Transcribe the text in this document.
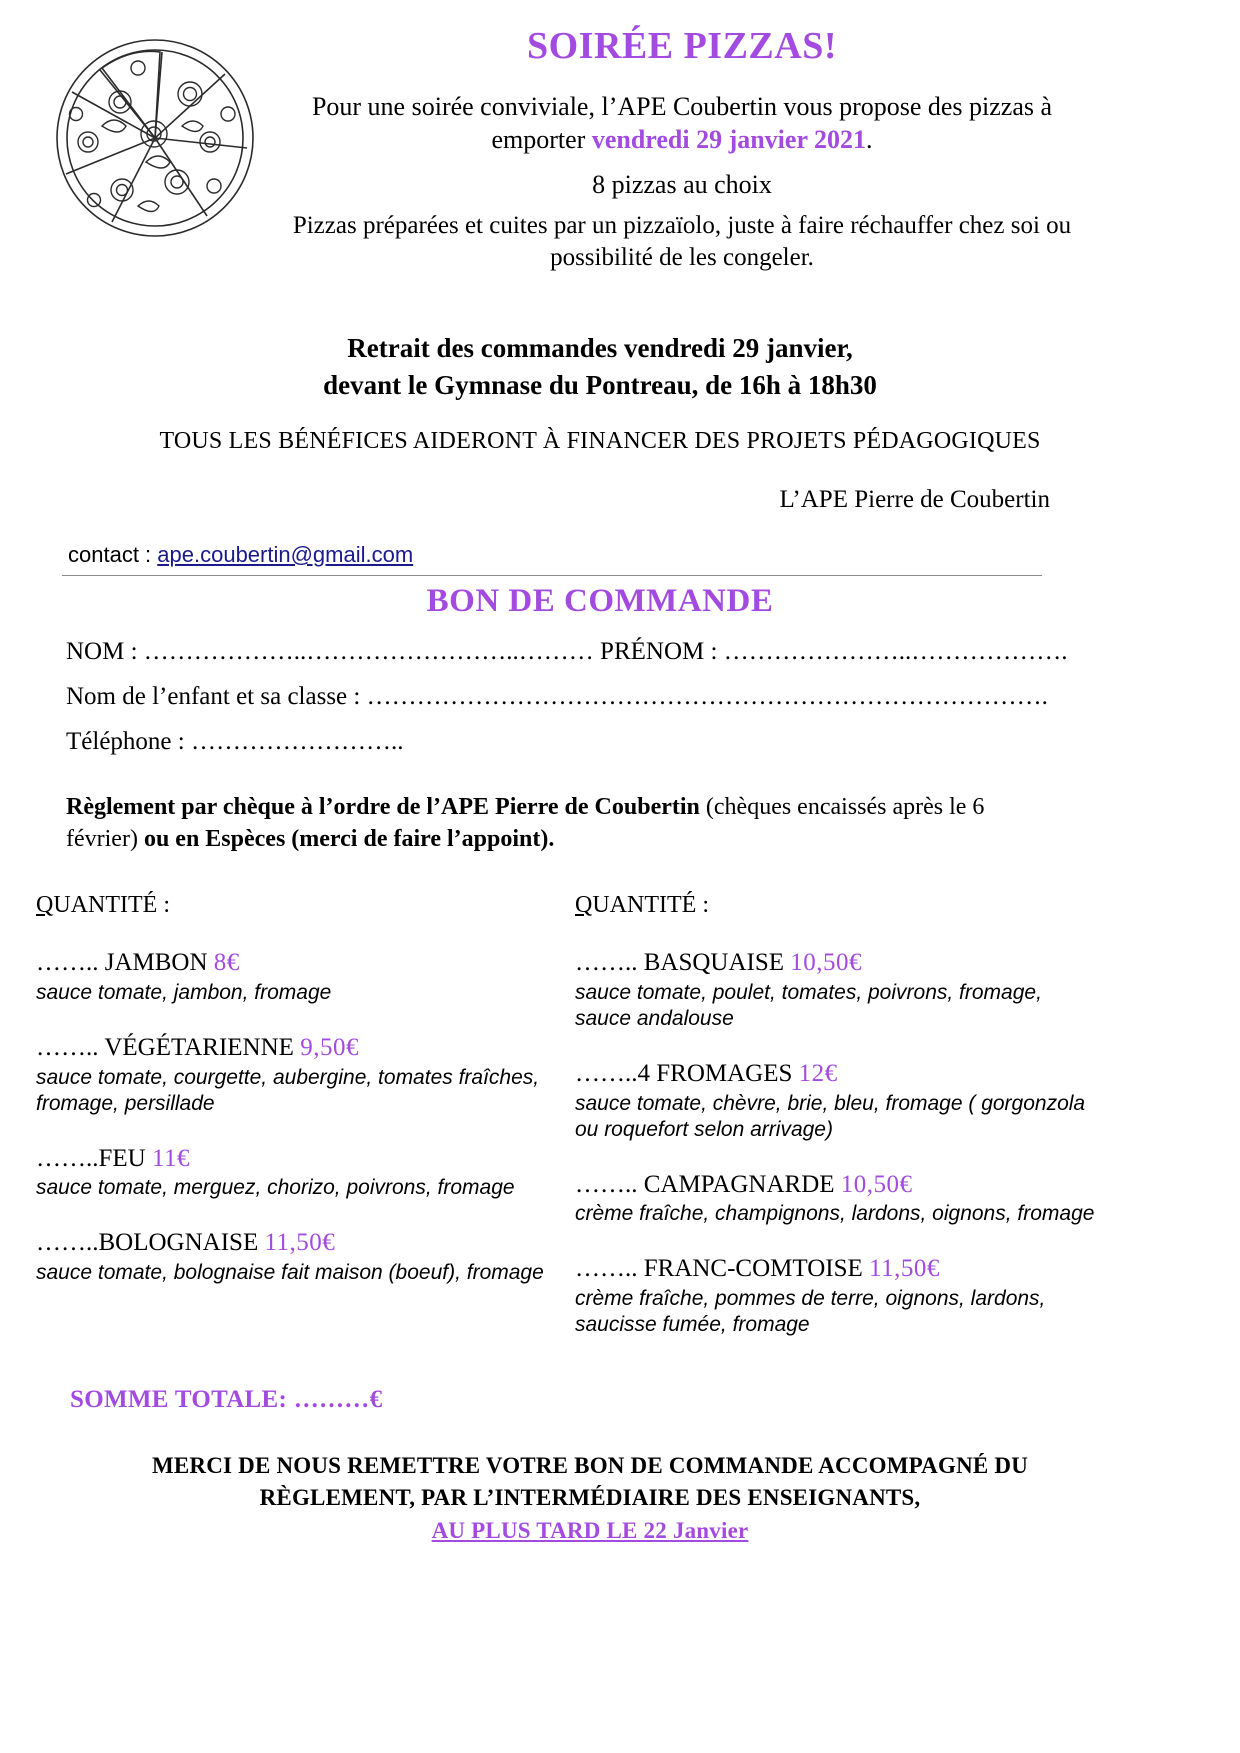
SOIRÉE PIZZAS!

Pour une soirée conviviale, l’APE Coubertin vous propose des pizzas à emporter vendredi 29 janvier 2021.

8 pizzas au choix

Pizzas préparées et cuites par un pizzaïolo, juste à faire réchauffer chez soi ou possibilité de les congeler.

Retrait des commandes vendredi 29 janvier,
devant le Gymnase du Pontreau, de 16h à 18h30
TOUS LES BÉNÉFICES AIDERONT À FINANCER DES PROJETS PÉDAGOGIQUES
L’APE Pierre de Coubertin
contact : ape.coubertin@gmail.com
BON DE COMMANDE
NOM : ………………..……………………..……… PRÉNOM : …………………..……………….
Nom de l’enfant et sa classe : ……………………………………………………………………….
Téléphone : ……………………..
Règlement par chèque à l’ordre de l’APE Pierre de Coubertin (chèques encaissés après le 6 février) ou en Espèces (merci de faire l’appoint).
QUANTITÉ :
…….. JAMBON 8€
sauce tomate, jambon, fromage
…….. VÉGÉTARIENNE 9,50€
sauce tomate, courgette, aubergine, tomates fraîches, fromage, persillade
……..FEU 11€
sauce tomate, merguez, chorizo, poivrons, fromage
……..BOLOGNAISE 11,50€
sauce tomate, bolognaise fait maison (boeuf), fromage
QUANTITÉ :
…….. BASQUAISE 10,50€
sauce tomate, poulet, tomates, poivrons, fromage, sauce andalouse
……..4 FROMAGES 12€
sauce tomate, chèvre, brie, bleu, fromage ( gorgonzola ou roquefort selon arrivage)
…….. CAMPAGNARDE 10,50€
crème fraîche, champignons, lardons, oignons, fromage
…….. FRANC-COMTOISE 11,50€
crème fraîche, pommes de terre, oignons, lardons, saucisse fumée, fromage
SOMME TOTALE: ………€
MERCI DE NOUS REMETTRE VOTRE BON DE COMMANDE ACCOMPAGNÉ DU
RÈGLEMENT, PAR L’INTERMÉDIAIRE DES ENSEIGNANTS,
AU PLUS TARD LE 22 Janvier
